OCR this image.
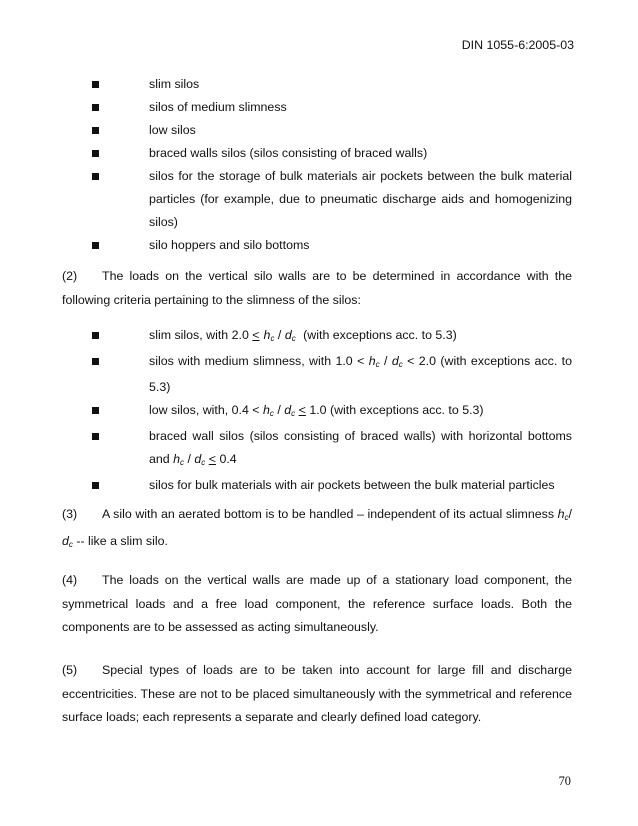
DIN 1055-6:2005-03
slim silos
silos of medium slimness
low silos
braced walls silos (silos consisting of braced walls)
silos for the storage of bulk materials air pockets between the bulk material particles (for example, due to pneumatic discharge aids and homogenizing silos)
silo hoppers and silo bottoms
(2) The loads on the vertical silo walls are to be determined in accordance with the following criteria pertaining to the slimness of the silos:
slim silos, with $2.0 < h_c / d_c$ (with exceptions acc. to 5.3)
silos with medium slimness, with $1.0 < h_c / d_c < 2.0$ (with exceptions acc. to 5.3)
low silos, with, $0.4 < h_c / d_c < 1.0$ (with exceptions acc. to 5.3)
braced wall silos (silos consisting of braced walls) with horizontal bottoms and $h_c / d_c < 0.4$
silos for bulk materials with air pockets between the bulk material particles
(3) A silo with an aerated bottom is to be handled – independent of its actual slimness $h_c/$ $d_c$ -- like a slim silo.
(4) The loads on the vertical walls are made up of a stationary load component, the symmetrical loads and a free load component, the reference surface loads. Both the components are to be assessed as acting simultaneously.
(5) Special types of loads are to be taken into account for large fill and discharge eccentricities. These are not to be placed simultaneously with the symmetrical and reference surface loads; each represents a separate and clearly defined load category.
70
